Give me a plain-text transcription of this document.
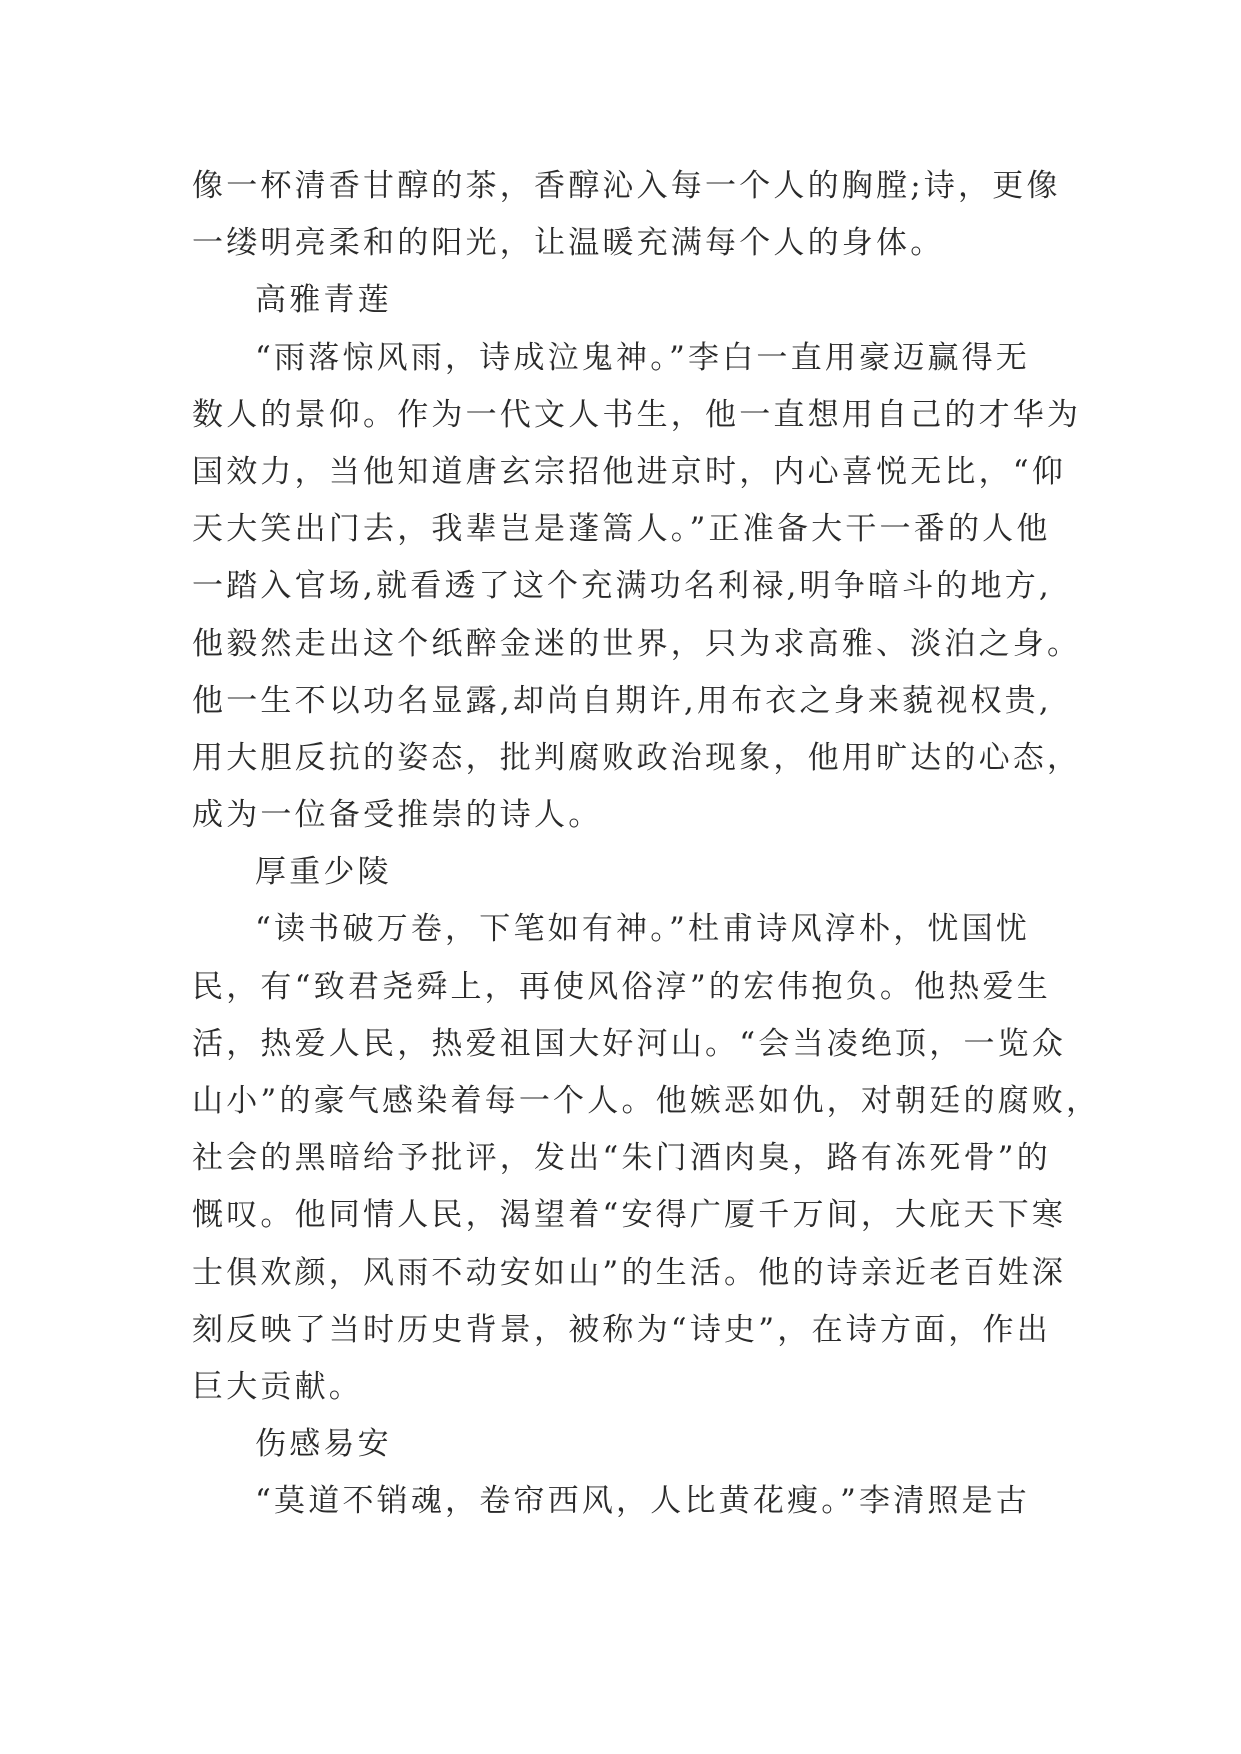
像一杯清香甘醇的茶，香醇沁入每一个人的胸膛;诗，更像
一缕明亮柔和的阳光，让温暖充满每个人的身体。
高雅青莲
“雨落惊风雨，诗成泣鬼神。”李白一直用豪迈赢得无
数人的景仰。作为一代文人书生，他一直想用自己的才华为
国效力，当他知道唐玄宗招他进京时，内心喜悦无比，“仰
天大笑出门去，我辈岂是蓬篙人。”正准备大干一番的人他
一踏入官场,就看透了这个充满功名利禄,明争暗斗的地方,
他毅然走出这个纸醉金迷的世界，只为求高雅、淡泊之身。
他一生不以功名显露,却尚自期许,用布衣之身来藐视权贵,
用大胆反抗的姿态，批判腐败政治现象，他用旷达的心态，
成为一位备受推崇的诗人。
厚重少陵
“读书破万卷，下笔如有神。”杜甫诗风淳朴，忧国忧
民，有“致君尧舜上，再使风俗淳”的宏伟抱负。他热爱生
活，热爱人民，热爱祖国大好河山。“会当凌绝顶，一览众
山小”的豪气感染着每一个人。他嫉恶如仇，对朝廷的腐败，
社会的黑暗给予批评，发出“朱门酒肉臭，路有冻死骨”的
慨叹。他同情人民，渴望着“安得广厦千万间，大庇天下寒
士俱欢颜，风雨不动安如山”的生活。他的诗亲近老百姓深
刻反映了当时历史背景，被称为“诗史”，在诗方面，作出
巨大贡献。
伤感易安
“莫道不销魂，卷帘西风，人比黄花瘦。”李清照是古
